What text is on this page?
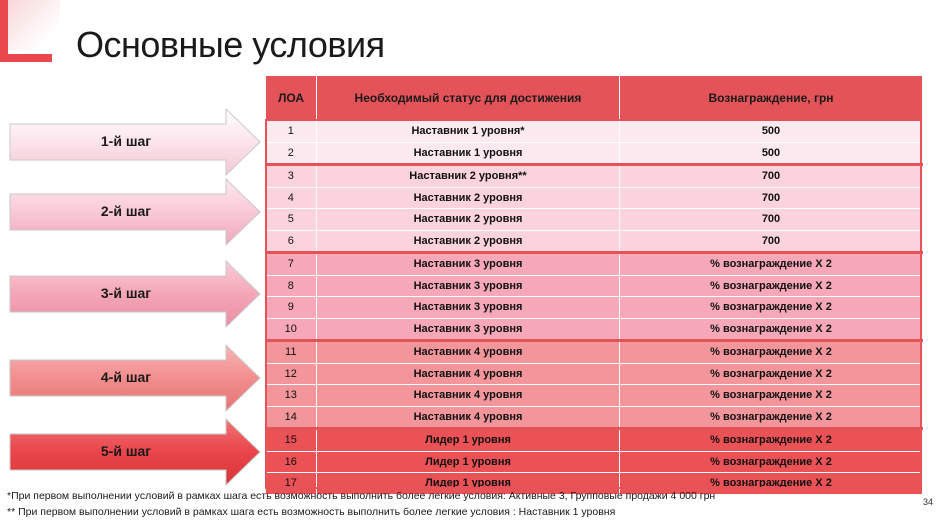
Основные условия
1-й шаг
2-й шаг
3-й шаг
4-й шаг
5-й шаг
ЛОА	Необходимый статус для достижения	Вознаграждение, грн
1	Наставник 1 уровня*	500
2	Наставник 1 уровня	500
3	Наставник 2 уровня**	700
4	Наставник 2 уровня	700
5	Наставник 2 уровня	700
6	Наставник 2 уровня	700
7	Наставник 3 уровня	% вознаграждение Х 2
8	Наставник 3 уровня	% вознаграждение Х 2
9	Наставник 3 уровня	% вознаграждение Х 2
10	Наставник 3 уровня	% вознаграждение Х 2
11	Наставник 4 уровня	% вознаграждение Х 2
12	Наставник 4 уровня	% вознаграждение Х 2
13	Наставник 4 уровня	% вознаграждение Х 2
14	Наставник 4 уровня	% вознаграждение Х 2
15	Лидер 1 уровня	% вознаграждение Х 2
16	Лидер 1 уровня	% вознаграждение Х 2
17	Лидер 1 уровня	% вознаграждение Х 2
*При первом выполнении условий в рамках шага есть возможность выполнить более легкие условия: Активные 3, Групповые продажи 4 000 грн
** При первом выполнении условий в рамках шага есть возможность выполнить более легкие условия : Наставник 1 уровня
34
